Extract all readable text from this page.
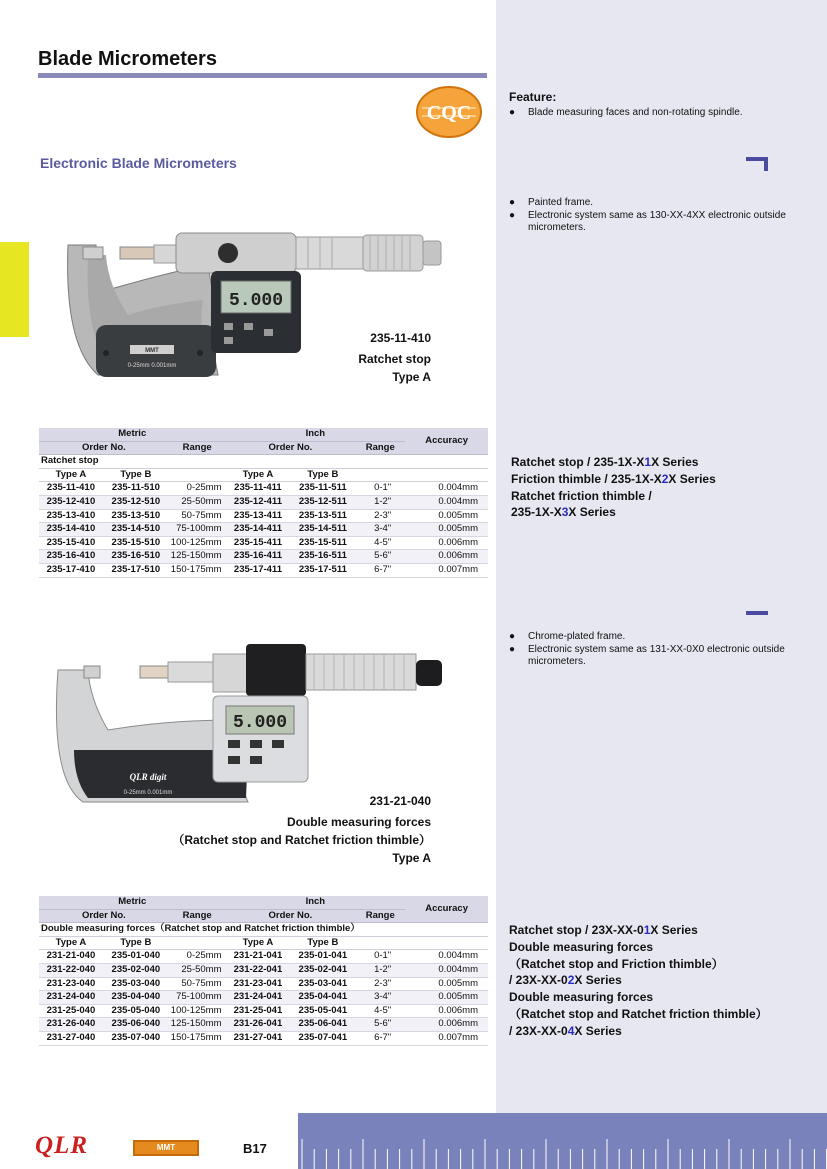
Blade Micrometers
CQC
Electronic Blade Micrometers
Feature:
● Blade measuring faces and non-rotating spindle.
● Painted frame.
● Electronic system same as 130-XX-4XX electronic outside micrometers.
MMT
0-25mm 0.001mm
5.000
235-11-410
Ratchet stop
Type A
Metric			Inch			Accuracy
Order No.		Range	Order No.		Range	
Ratchet stop						
Type A	Type B		Type A	Type B		
235-11-410	235-11-510	0-25mm	235-11-411	235-11-511	0-1"	0.004mm
235-12-410	235-12-510	25-50mm	235-12-411	235-12-511	1-2"	0.004mm
235-13-410	235-13-510	50-75mm	235-13-411	235-13-511	2-3"	0.005mm
235-14-410	235-14-510	75-100mm	235-14-411	235-14-511	3-4"	0.005mm
235-15-410	235-15-510	100-125mm	235-15-411	235-15-511	4-5"	0.006mm
235-16-410	235-16-510	125-150mm	235-16-411	235-16-511	5-6"	0.006mm
235-17-410	235-17-510	150-175mm	235-17-411	235-17-511	6-7"	0.007mm
Ratchet stop / 235-1X-X1X Series
Friction thimble / 235-1X-X2X Series
Ratchet friction thimble /
235-1X-X3X Series
● Chrome-plated frame.
● Electronic system same as 131-XX-0X0 electronic outside micrometers.
QLR digit
0-25mm 0.001mm
5.000
231-21-040
Double measuring forces
（Ratchet stop and Ratchet friction thimble）
Type A
Metric			Inch			Accuracy
Order No.		Range	Order No.		Range	
Double measuring forces（Ratchet stop and Ratchet friction thimble）						
Type A	Type B		Type A	Type B		
231-21-040	235-01-040	0-25mm	231-21-041	235-01-041	0-1"	0.004mm
231-22-040	235-02-040	25-50mm	231-22-041	235-02-041	1-2"	0.004mm
231-23-040	235-03-040	50-75mm	231-23-041	235-03-041	2-3"	0.005mm
231-24-040	235-04-040	75-100mm	231-24-041	235-04-041	3-4"	0.005mm
231-25-040	235-05-040	100-125mm	231-25-041	235-05-041	4-5"	0.006mm
231-26-040	235-06-040	125-150mm	231-26-041	235-06-041	5-6"	0.006mm
231-27-040	235-07-040	150-175mm	231-27-041	235-07-041	6-7"	0.007mm
Ratchet stop / 23X-XX-01X Series
Double measuring forces
（Ratchet stop and Friction thimble）
/ 23X-XX-02X Series
Double measuring forces
（Ratchet stop and Ratchet friction thimble）
/ 23X-XX-04X Series
QLR	MMT	B17
